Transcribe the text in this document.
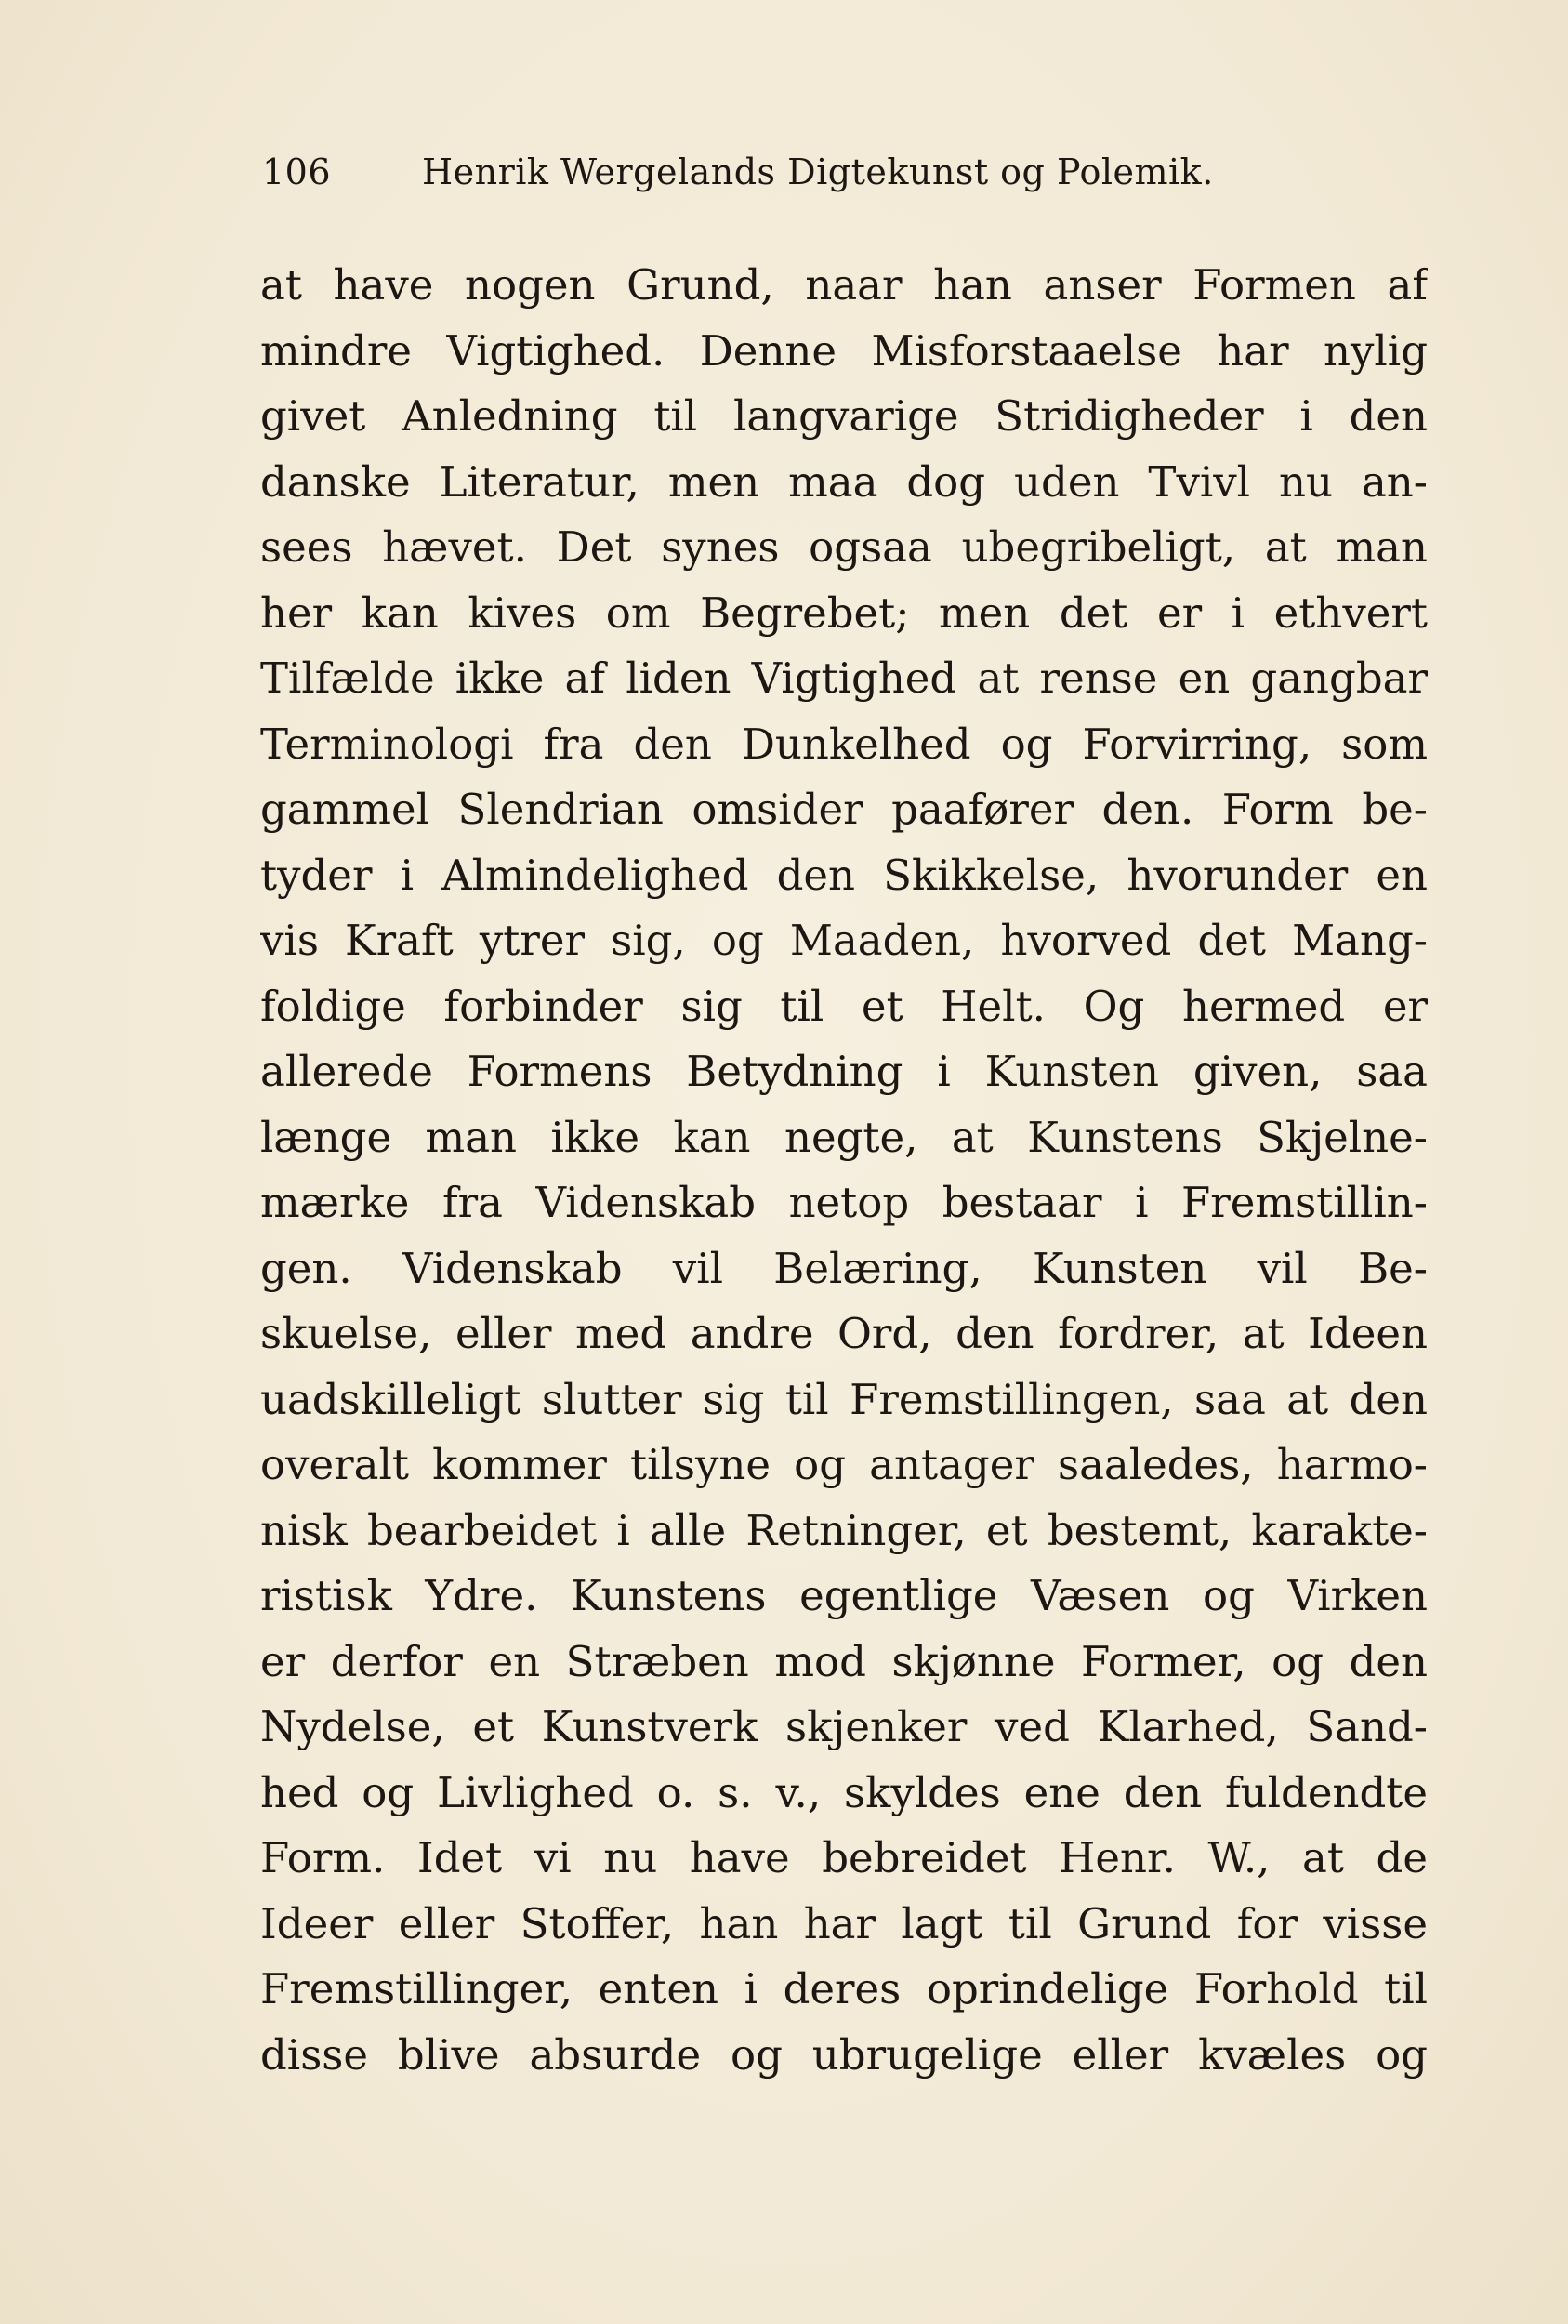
106	Henrik Wergelands Digtekunst og Polemik.
at have nogen Grund, naar han anser Formen af
mindre Vigtighed. Denne Misforstaaelse har nylig
givet Anledning til langvarige Stridigheder i den
danske Literatur, men maa dog uden Tvivl nu an-
sees hævet. Det synes ogsaa ubegribeligt, at man
her kan kives om Begrebet; men det er i ethvert
Tilfælde ikke af liden Vigtighed at rense en gangbar
Terminologi fra den Dunkelhed og Forvirring, som
gammel Slendrian omsider paafører den. Form be-
tyder i Almindelighed den Skikkelse, hvorunder en
vis Kraft ytrer sig, og Maaden, hvorved det Mang-
foldige forbinder sig til et Helt. Og hermed er
allerede Formens Betydning i Kunsten given, saa
længe man ikke kan negte, at Kunstens Skjelne-
mærke fra Videnskab netop bestaar i Fremstillin-
gen. Videnskab vil Belæring, Kunsten vil Be-
skuelse, eller med andre Ord, den fordrer, at Ideen
uadskilleligt slutter sig til Fremstillingen, saa at den
overalt kommer tilsyne og antager saaledes, harmo-
nisk bearbeidet i alle Retninger, et bestemt, karakte-
ristisk Ydre. Kunstens egentlige Væsen og Virken
er derfor en Stræben mod skjønne Former, og den
Nydelse, et Kunstverk skjenker ved Klarhed, Sand-
hed og Livlighed o. s. v., skyldes ene den fuldendte
Form. Idet vi nu have bebreidet Henr. W., at de
Ideer eller Stoffer, han har lagt til Grund for visse
Fremstillinger, enten i deres oprindelige Forhold til
disse blive absurde og ubrugelige eller kvæles og
